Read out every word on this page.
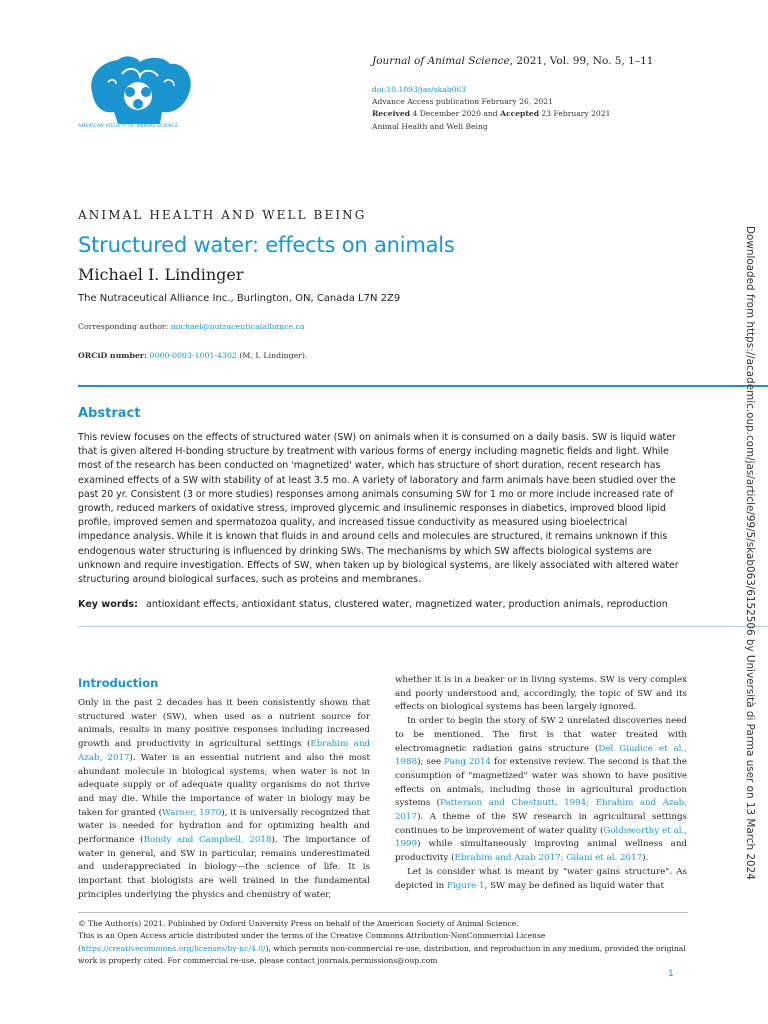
AMERICAN SOCIETY OF ANIMAL SCIENCE
Journal of Animal Science, 2021, Vol. 99, No. 5, 1–11
doi:10.1093/jas/skab063
Advance Access publication February 26, 2021
Received 4 December 2020 and Accepted 23 February 2021
Animal Health and Well Being
ANIMAL HEALTH AND WELL BEING
Structured water: effects on animals
Michael I. Lindinger
The Nutraceutical Alliance Inc., Burlington, ON, Canada L7N 2Z9
Corresponding author: michael@nutraceuticalalliance.ca
ORCiD number: 0000-0003-1001-4302 (M. I. Lindinger).
Abstract

This review focuses on the effects of structured water (SW) on animals when it is consumed on a daily basis. SW is liquid water that is given altered H-bonding structure by treatment with various forms of energy including magnetic fields and light. While most of the research has been conducted on 'magnetized' water, which has structure of short duration, recent research has examined effects of a SW with stability of at least 3.5 mo. A variety of laboratory and farm animals have been studied over the past 20 yr. Consistent (3 or more studies) responses among animals consuming SW for 1 mo or more include increased rate of growth, reduced markers of oxidative stress, improved glycemic and insulinemic responses in diabetics, improved blood lipid profile, improved semen and spermatozoa quality, and increased tissue conductivity as measured using bioelectrical impedance analysis. While it is known that fluids in and around cells and molecules are structured, it remains unknown if this endogenous water structuring is influenced by drinking SWs. The mechanisms by which SW affects biological systems are unknown and require investigation. Effects of SW, when taken up by biological systems, are likely associated with altered water structuring around biological surfaces, such as proteins and membranes.

Key words: antioxidant effects, antioxidant status, clustered water, magnetized water, production animals, reproduction
Introduction

Only in the past 2 decades has it been consistently shown that structured water (SW), when used as a nutrient source for animals, results in many positive responses including increased growth and productivity in agricultural settings (Ebrahim and Azab, 2017). Water is an essential nutrient and also the most abundant molecule in biological systems; when water is not in adequate supply or of adequate quality organisms do not thrive and may die. While the importance of water in biology may be taken for granted (Warner, 1970), it is universally recognized that water is needed for hydration and for optimizing health and performance (Bondy and Campbell, 2018). The importance of water in general, and SW in particular, remains underestimated and underappreciated in biology—the science of life. It is important that biologists are well trained in the fundamental principles underlying the physics and chemistry of water,

whether it is in a beaker or in living systems. SW is very complex and poorly understood and, accordingly, the topic of SW and its effects on biological systems has been largely ignored.

In order to begin the story of SW 2 unrelated discoveries need to be mentioned. The first is that water treated with electromagnetic radiation gains structure (Del Giudice et al., 1988); see Pang 2014 for extensive review. The second is that the consumption of "magnetized" water was shown to have positive effects on animals, including those in agricultural production systems (Patterson and Chestnutt, 1994; Ebrahim and Azab, 2017). A theme of the SW research in agricultural settings continues to be improvement of water quality (Goldsworthy et al., 1999) while simultaneously improving animal wellness and productivity (Ebrahim and Azab 2017; Gilani et al. 2017).

Let is consider what is meant by "water gains structure". As depicted in Figure 1, SW may be defined as liquid water that

© The Author(s) 2021. Published by Oxford University Press on behalf of the American Society of Animal Science.

This is an Open Access article distributed under the terms of the Creative Commons Attribution-NonCommercial License (https://creativecommons.org/licenses/by-nc/4.0/), which permits non-commercial re-use, distribution, and reproduction in any medium, provided the original work is properly cited. For commercial re-use, please contact journals.permissions@oup.com

1
Downloaded from https://academic.oup.com/jas/article/99/5/skab063/6152506 by Università di Parma user on 13 March 2024
